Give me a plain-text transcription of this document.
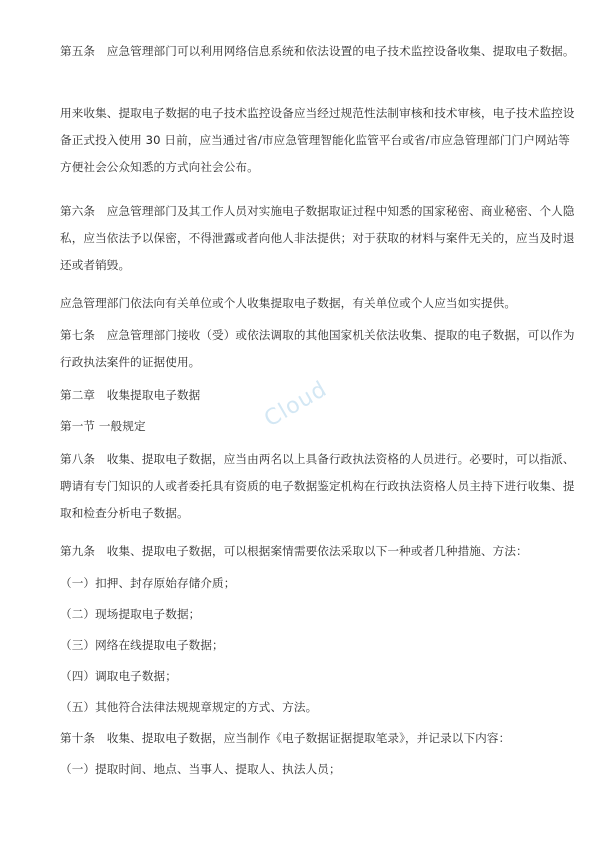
第五条　应急管理部门可以利用网络信息系统和依法设置的电子技术监控设备收集、提取电子数据。

用来收集、提取电子数据的电子技术监控设备应当经过规范性法制审核和技术审核，电子技术监控设备正式投入使用 30 日前，应当通过省/市应急管理智能化监管平台或省/市应急管理部门门户网站等方便社会公众知悉的方式向社会公布。

第六条　应急管理部门及其工作人员对实施电子数据取证过程中知悉的国家秘密、商业秘密、个人隐私，应当依法予以保密，不得泄露或者向他人非法提供；对于获取的材料与案件无关的，应当及时退还或者销毁。

应急管理部门依法向有关单位或个人收集提取电子数据，有关单位或个人应当如实提供。

第七条　应急管理部门接收（受）或依法调取的其他国家机关依法收集、提取的电子数据，可以作为行政执法案件的证据使用。

第二章　收集提取电子数据

第一节 一般规定

第八条　收集、提取电子数据，应当由两名以上具备行政执法资格的人员进行。必要时，可以指派、聘请有专门知识的人或者委托具有资质的电子数据鉴定机构在行政执法资格人员主持下进行收集、提取和检查分析电子数据。

第九条　收集、提取电子数据，可以根据案情需要依法采取以下一种或者几种措施、方法：

（一）扣押、封存原始存储介质；

（二）现场提取电子数据；

（三）网络在线提取电子数据；

（四）调取电子数据；

（五）其他符合法律法规规章规定的方式、方法。

第十条　收集、提取电子数据，应当制作《电子数据证据提取笔录》，并记录以下内容：

（一）提取时间、地点、当事人、提取人、执法人员；

Cloud
